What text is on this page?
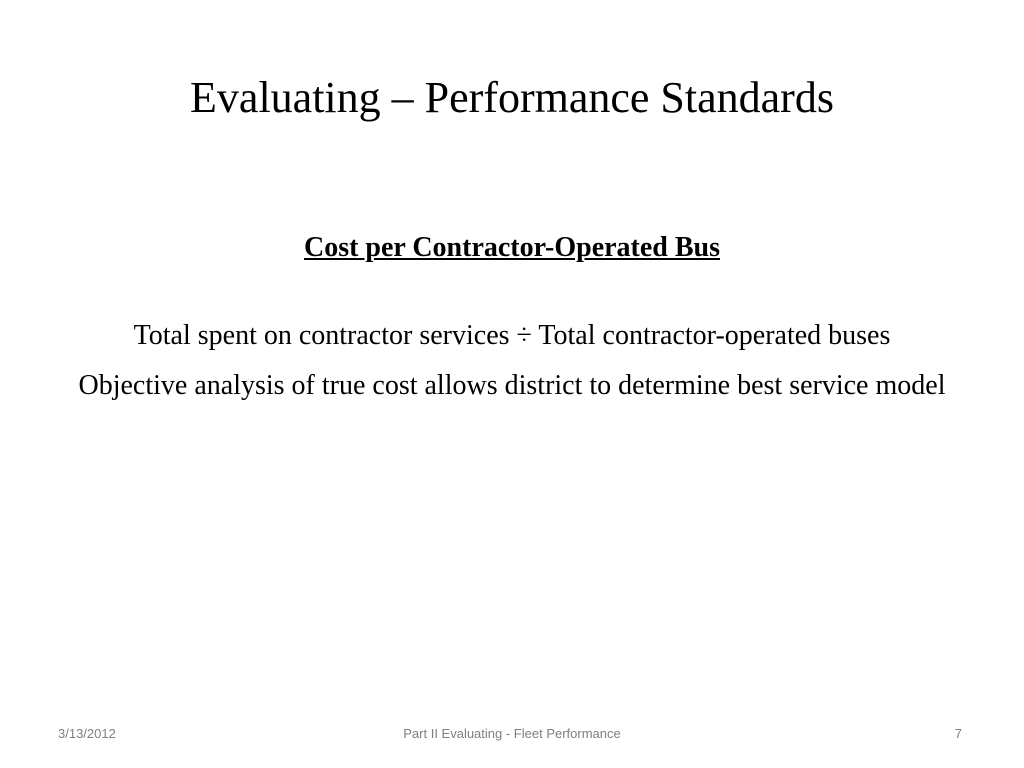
Evaluating – Performance Standards
Cost per Contractor-Operated Bus
Total spent on contractor services ÷ Total contractor-operated buses
Objective analysis of true cost allows district to determine best service model
3/13/2012	Part II Evaluating - Fleet Performance	7
